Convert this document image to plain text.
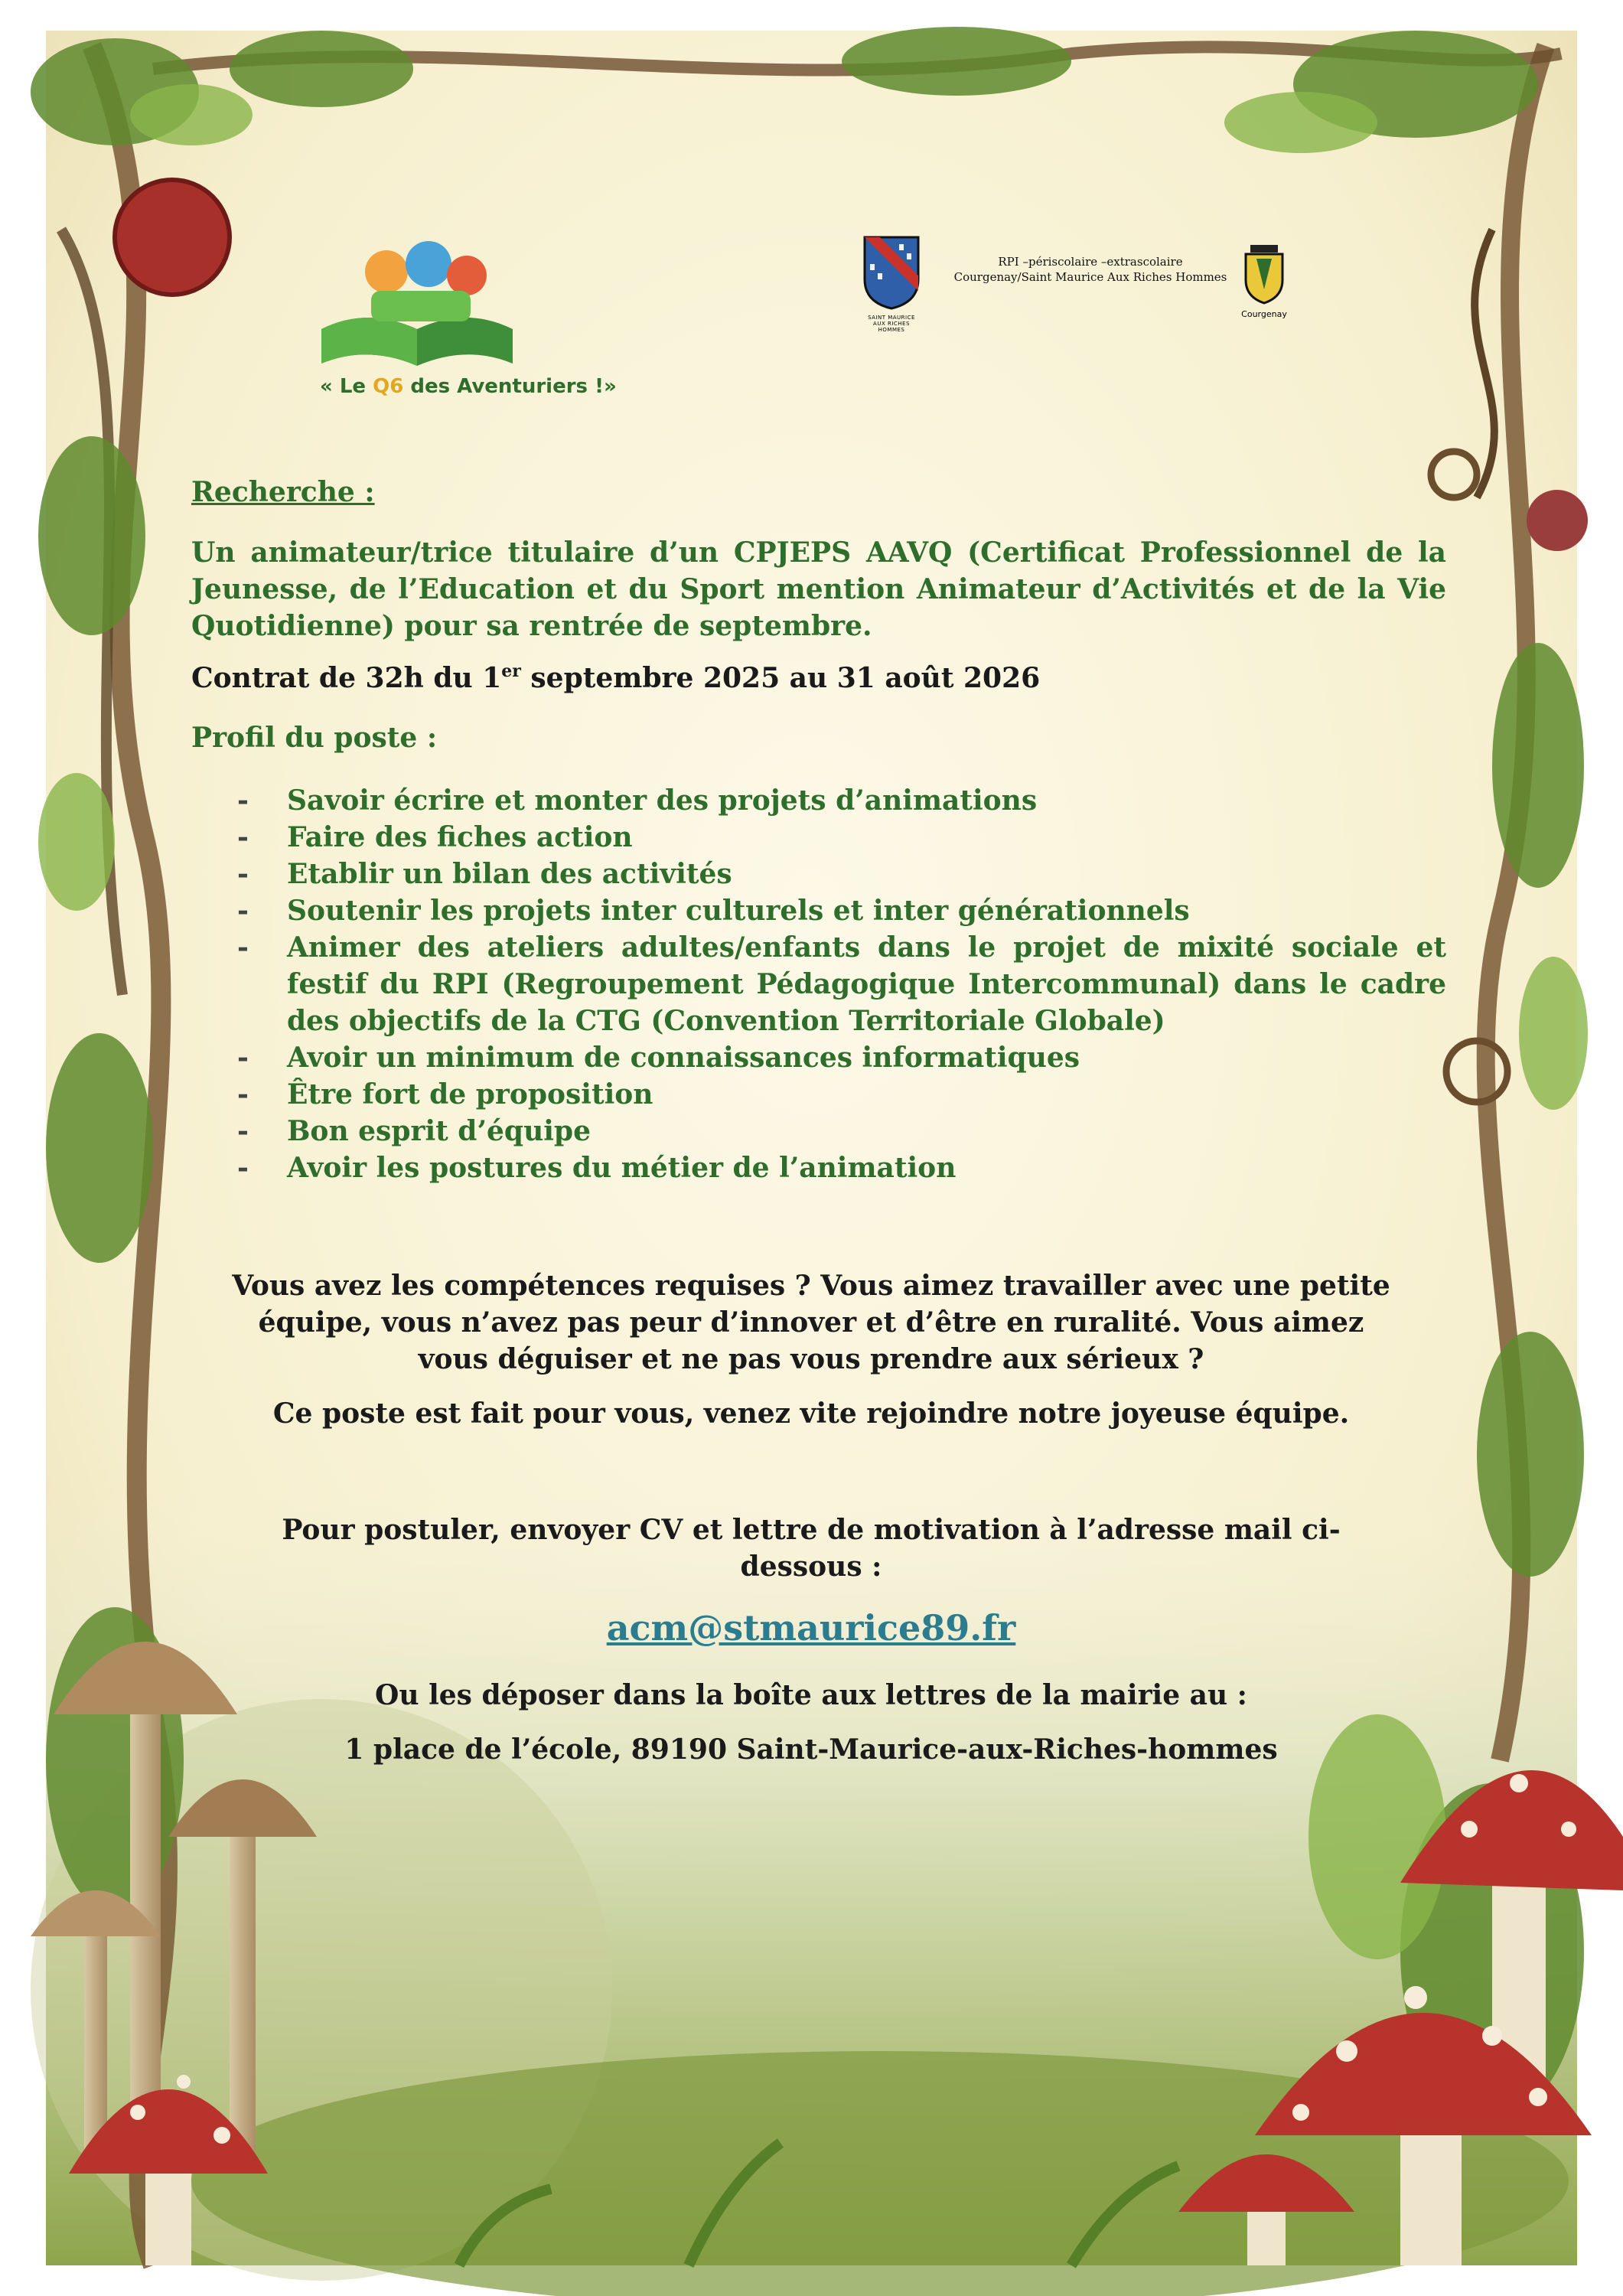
« Le Q6 des Aventuriers !»
SAINT MAURICE AUX RICHES HOMMES
RPI –périscolaire –extrascolaire
Courgenay/Saint Maurice Aux Riches Hommes
Courgenay
Recherche :
Un animateur/trice titulaire d’un CPJEPS AAVQ (Certificat Professionnel de la Jeunesse, de l’Education et du Sport mention Animateur d’Activités et de la Vie Quotidienne) pour sa rentrée de septembre.
Contrat de 32h du 1er septembre 2025 au 31 août 2026
Profil du poste :
- Savoir écrire et monter des projets d’animations
- Faire des fiches action
- Etablir un bilan des activités
- Soutenir les projets inter culturels et inter générationnels
- Animer des ateliers adultes/enfants dans le projet de mixité sociale et festif du RPI (Regroupement Pédagogique Intercommunal) dans le cadre des objectifs de la CTG (Convention Territoriale Globale)
- Avoir un minimum de connaissances informatiques
- Être fort de proposition
- Bon esprit d’équipe
- Avoir les postures du métier de l’animation
Vous avez les compétences requises ? Vous aimez travailler avec une petite
équipe, vous n’avez pas peur d’innover et d’être en ruralité. Vous aimez
vous déguiser et ne pas vous prendre aux sérieux ?
Ce poste est fait pour vous, venez vite rejoindre notre joyeuse équipe.
Pour postuler, envoyer CV et lettre de motivation à l’adresse mail ci-
dessous :
acm@stmaurice89.fr
Ou les déposer dans la boîte aux lettres de la mairie au :
1 place de l’école, 89190 Saint-Maurice-aux-Riches-hommes
